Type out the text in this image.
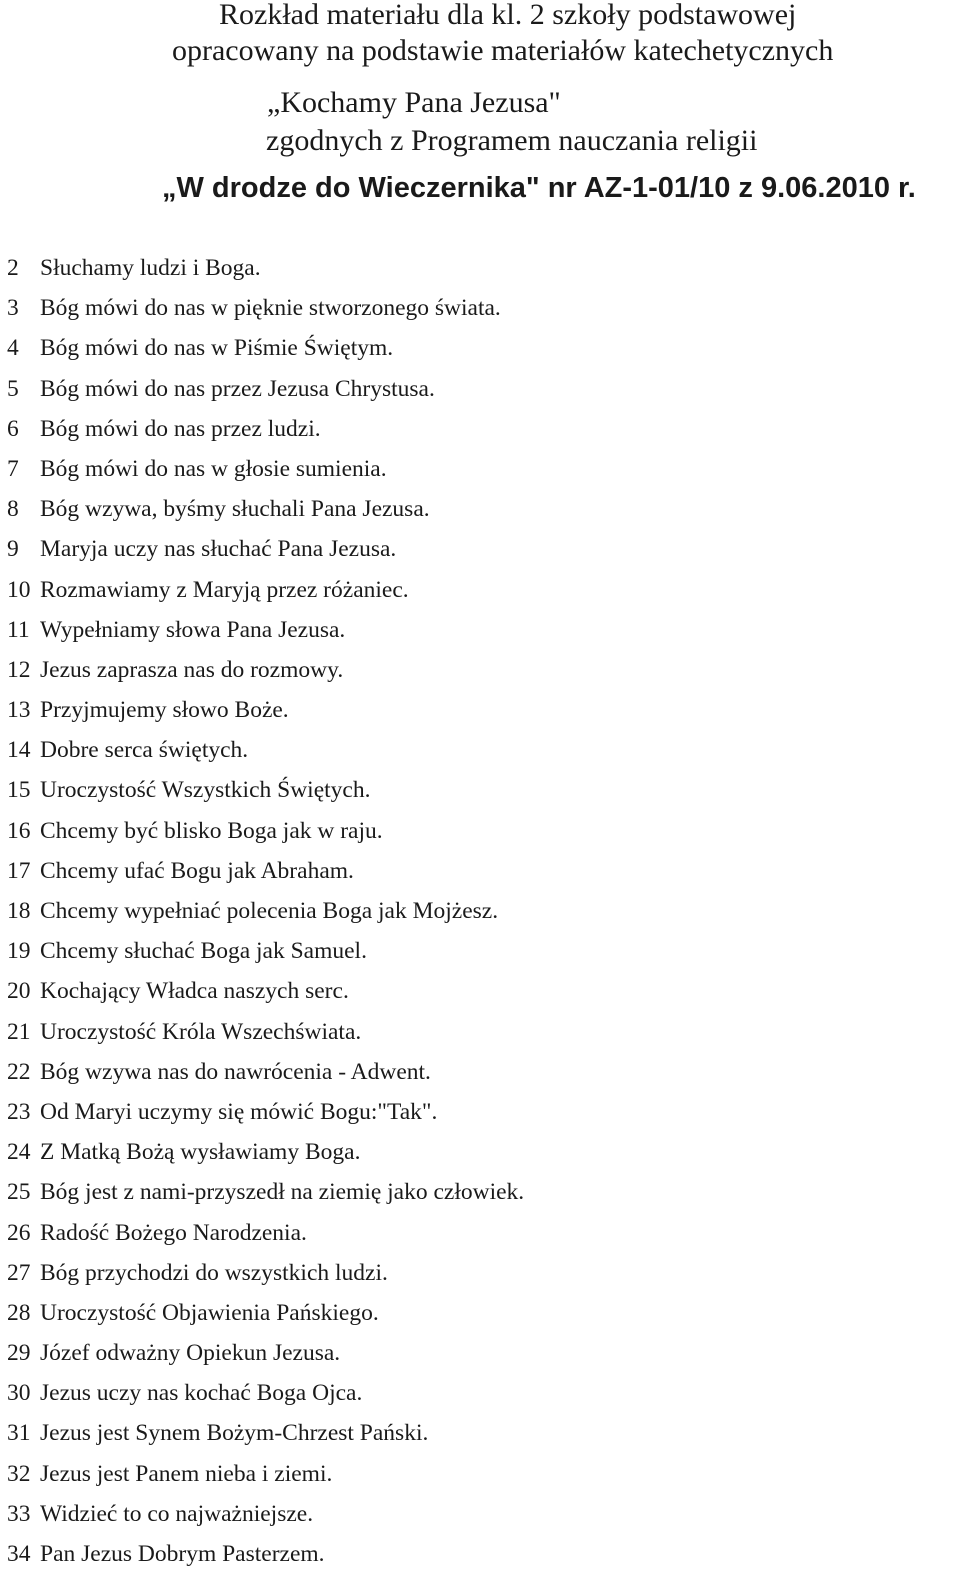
Rozkład materiału dla kl. 2 szkoły podstawowej
opracowany na podstawie materiałów katechetycznych
„Kochamy Pana Jezusa"
zgodnych z Programem nauczania religii
„W drodze do Wieczernika" nr AZ-1-01/10 z 9.06.2010 r.
2 Słuchamy ludzi i Boga.
3 Bóg mówi do nas w pięknie stworzonego świata.
4 Bóg mówi do nas w Piśmie Świętym.
5 Bóg mówi do nas przez Jezusa Chrystusa.
6 Bóg mówi do nas przez ludzi.
7 Bóg mówi do nas w głosie sumienia.
8 Bóg wzywa, byśmy słuchali Pana Jezusa.
9 Maryja uczy nas słuchać Pana Jezusa.
10 Rozmawiamy z Maryją przez różaniec.
11 Wypełniamy słowa Pana Jezusa.
12 Jezus zaprasza nas do rozmowy.
13 Przyjmujemy słowo Boże.
14 Dobre serca świętych.
15 Uroczystość Wszystkich Świętych.
16 Chcemy być blisko Boga jak w raju.
17 Chcemy ufać Bogu jak Abraham.
18 Chcemy wypełniać polecenia Boga jak Mojżesz.
19 Chcemy słuchać Boga jak Samuel.
20 Kochający Władca naszych serc.
21 Uroczystość Króla Wszechświata.
22 Bóg wzywa nas do nawrócenia - Adwent.
23 Od Maryi uczymy się mówić Bogu:"Tak".
24 Z Matką Bożą wysławiamy Boga.
25 Bóg jest z nami-przyszedł na ziemię jako człowiek.
26 Radość Bożego Narodzenia.
27 Bóg przychodzi do wszystkich ludzi.
28 Uroczystość Objawienia Pańskiego.
29 Józef odważny Opiekun Jezusa.
30 Jezus uczy nas kochać Boga Ojca.
31 Jezus jest Synem Bożym-Chrzest Pański.
32 Jezus jest Panem nieba i ziemi.
33 Widzieć to co najważniejsze.
34 Pan Jezus Dobrym Pasterzem.
